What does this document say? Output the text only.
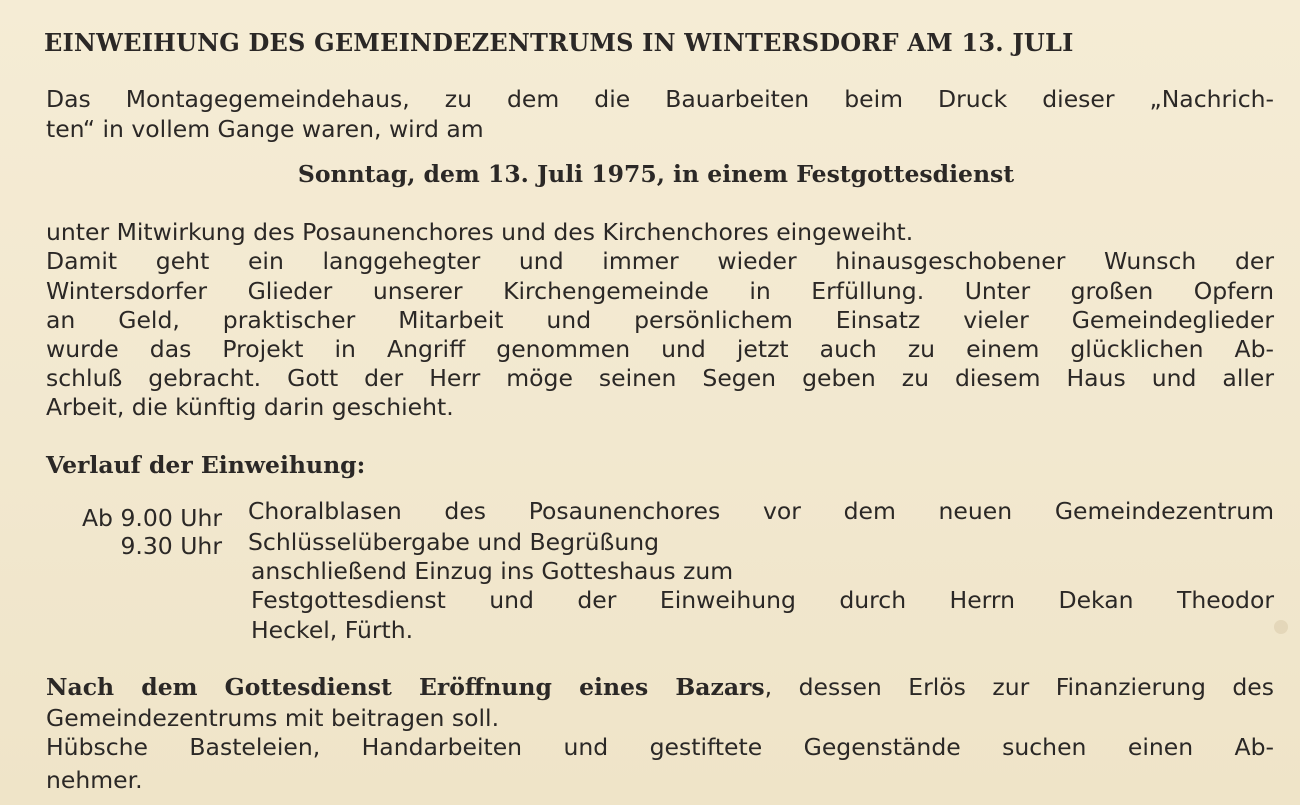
EINWEIHUNG DES GEMEINDEZENTRUMS IN WINTERSDORF AM 13. JULI
Das Montagegemeindehaus, zu dem die Bauarbeiten beim Druck dieser „Nachrich-
ten“ in vollem Gange waren, wird am
Sonntag, dem 13. Juli 1975, in einem Festgottesdienst
unter Mitwirkung des Posaunenchores und des Kirchenchores eingeweiht.
Damit geht ein langgehegter und immer wieder hinausgeschobener Wunsch der
Wintersdorfer Glieder unserer Kirchengemeinde in Erfüllung. Unter großen Opfern
an Geld, praktischer Mitarbeit und persönlichem Einsatz vieler Gemeindeglieder
wurde das Projekt in Angriff genommen und jetzt auch zu einem glücklichen Ab-
schluß gebracht. Gott der Herr möge seinen Segen geben zu diesem Haus und aller
Arbeit, die künftig darin geschieht.
Verlauf der Einweihung:
Ab 9.00 Uhr Choralblasen des Posaunenchores vor dem neuen Gemeindezentrum
9.30 Uhr Schlüsselübergabe und Begrüßung
anschließend Einzug ins Gotteshaus zum
Festgottesdienst und der Einweihung durch Herrn Dekan Theodor
Heckel, Fürth.
Nach dem Gottesdienst Eröffnung eines Bazars, dessen Erlös zur Finanzierung des
Gemeindezentrums mit beitragen soll.
Hübsche Basteleien, Handarbeiten und gestiftete Gegenstände suchen einen Ab-
nehmer.
